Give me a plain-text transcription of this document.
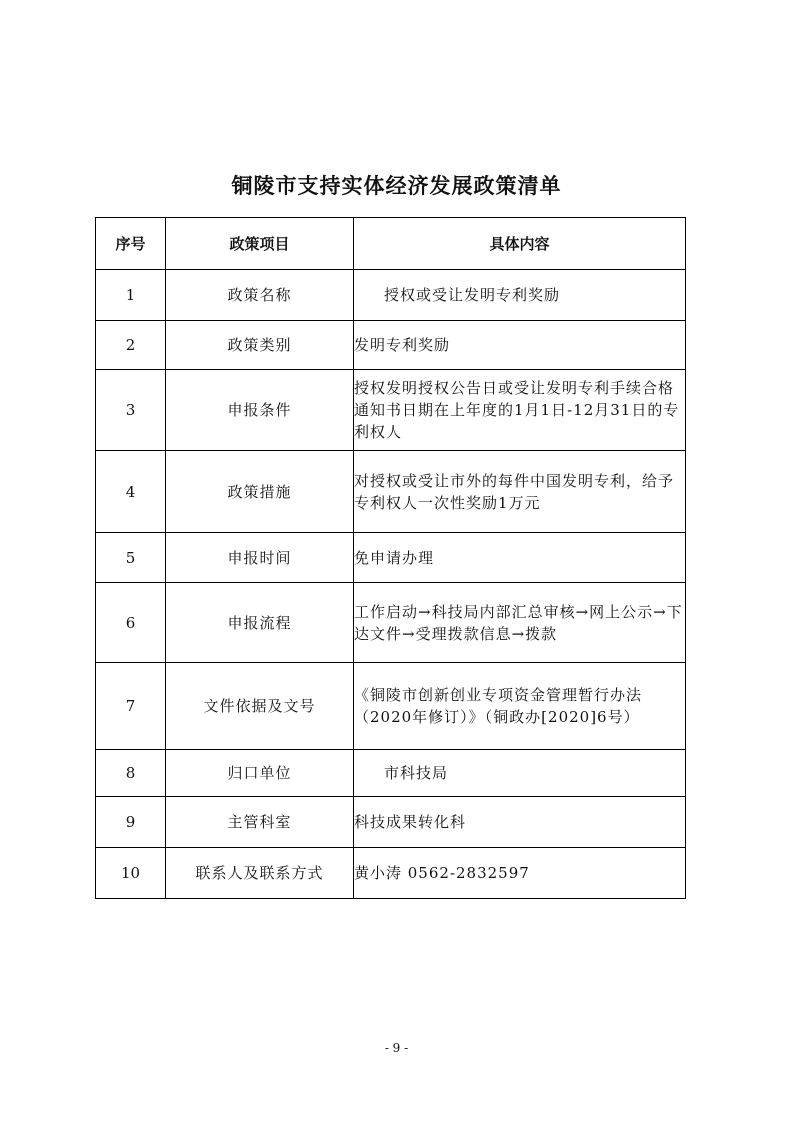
铜陵市支持实体经济发展政策清单
序号	政策项目	具体内容
1	政策名称	授权或受让发明专利奖励
2	政策类别	发明专利奖励
3	申报条件	授权发明授权公告日或受让发明专利手续合格通知书日期在上年度的1月1日-12月31日的专利权人
4	政策措施	对授权或受让市外的每件中国发明专利，给予专利权人一次性奖励1万元
5	申报时间	免申请办理
6	申报流程	工作启动→科技局内部汇总审核→网上公示→下达文件→受理拨款信息→拨款
7	文件依据及文号	《铜陵市创新创业专项资金管理暂行办法（2020年修订）》（铜政办[2020]6号）
8	归口单位	市科技局
9	主管科室	科技成果转化科
10	联系人及联系方式	黄小涛 0562-2832597
- 9 -
